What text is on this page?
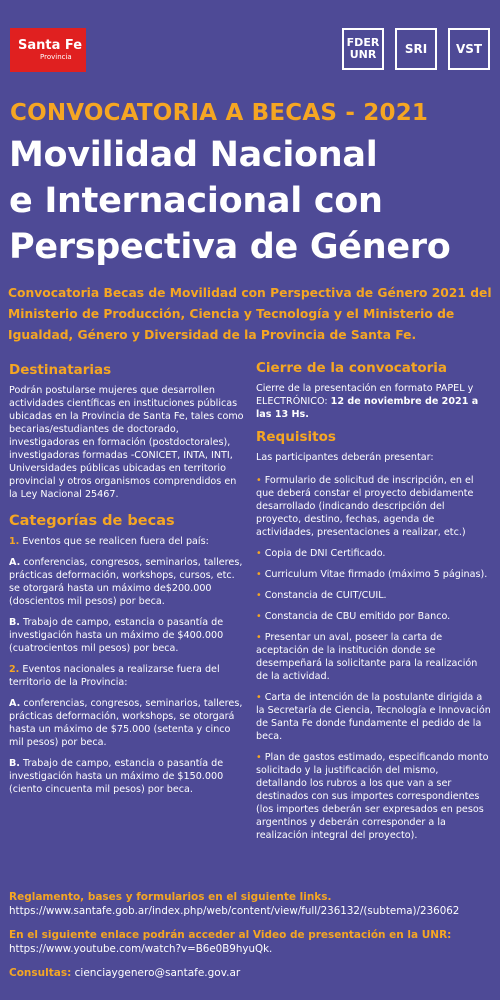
Santa Fe
Provincia
FDER UNR	SRI	VST
CONVOCATORIA A BECAS - 2021
Movilidad Nacional
e Internacional con
Perspectiva de Género
Convocatoria Becas de Movilidad con Perspectiva de Género 2021 del Ministerio de Producción, Ciencia y Tecnología y el Ministerio de Igualdad, Género y Diversidad de la Provincia de Santa Fe.
Destinatarias

Podrán postularse mujeres que desarrollen actividades científicas en instituciones públicas ubicadas en la Provincia de Santa Fe, tales como becarias/estudiantes de doctorado, investigadoras en formación (postdoctorales), investigadoras formadas -CONICET, INTA, INTI, Universidades públicas ubicadas en territorio provincial y otros organismos comprendidos en la Ley Nacional 25467.

Categorías de becas

1. Eventos que se realicen fuera del país:

A. conferencias, congresos, seminarios, talleres, prácticas deformación, workshops, cursos, etc. se otorgará hasta un máximo de$200.000 (doscientos mil pesos) por beca.

B. Trabajo de campo, estancia o pasantía de investigación hasta un máximo de $400.000 (cuatrocientos mil pesos) por beca.

2. Eventos nacionales a realizarse fuera del territorio de la Provincia:

A. conferencias, congresos, seminarios, talleres, prácticas deformación, workshops, se otorgará hasta un máximo de $75.000 (setenta y cinco mil pesos) por beca.

B. Trabajo de campo, estancia o pasantía de investigación hasta un máximo de $150.000 (ciento cincuenta mil pesos) por beca.

Cierre de la convocatoria

Cierre de la presentación en formato PAPEL y ELECTRÓNICO: 12 de noviembre de 2021 a las 13 Hs.

Requisitos

Las participantes deberán presentar:

• Formulario de solicitud de inscripción, en el que deberá constar el proyecto debidamente desarrollado (indicando descripción del proyecto, destino, fechas, agenda de actividades, presentaciones a realizar, etc.)
• Copia de DNI Certificado.
• Curriculum Vitae firmado (máximo 5 páginas).
• Constancia de CUIT/CUIL.
• Constancia de CBU emitido por Banco.
• Presentar un aval, poseer la carta de aceptación de la institución donde se desempeñará la solicitante para la realización de la actividad.
• Carta de intención de la postulante dirigida a la Secretaría de Ciencia, Tecnología e Innovación de Santa Fe donde fundamente el pedido de la beca.
• Plan de gastos estimado, especificando monto solicitado y la justificación del mismo, detallando los rubros a los que van a ser destinados con sus importes correspondientes (los importes deberán ser expresados en pesos argentinos y deberán corresponder a la realización integral del proyecto).

Reglamento, bases y formularios en el siguiente links.

https://www.santafe.gob.ar/index.php/web/content/view/full/236132/(subtema)/236062

En el siguiente enlace podrán acceder al Video de presentación en la UNR:

https://www.youtube.com/watch?v=B6e0B9hyuQk.

Consultas: cienciaygenero@santafe.gov.ar
